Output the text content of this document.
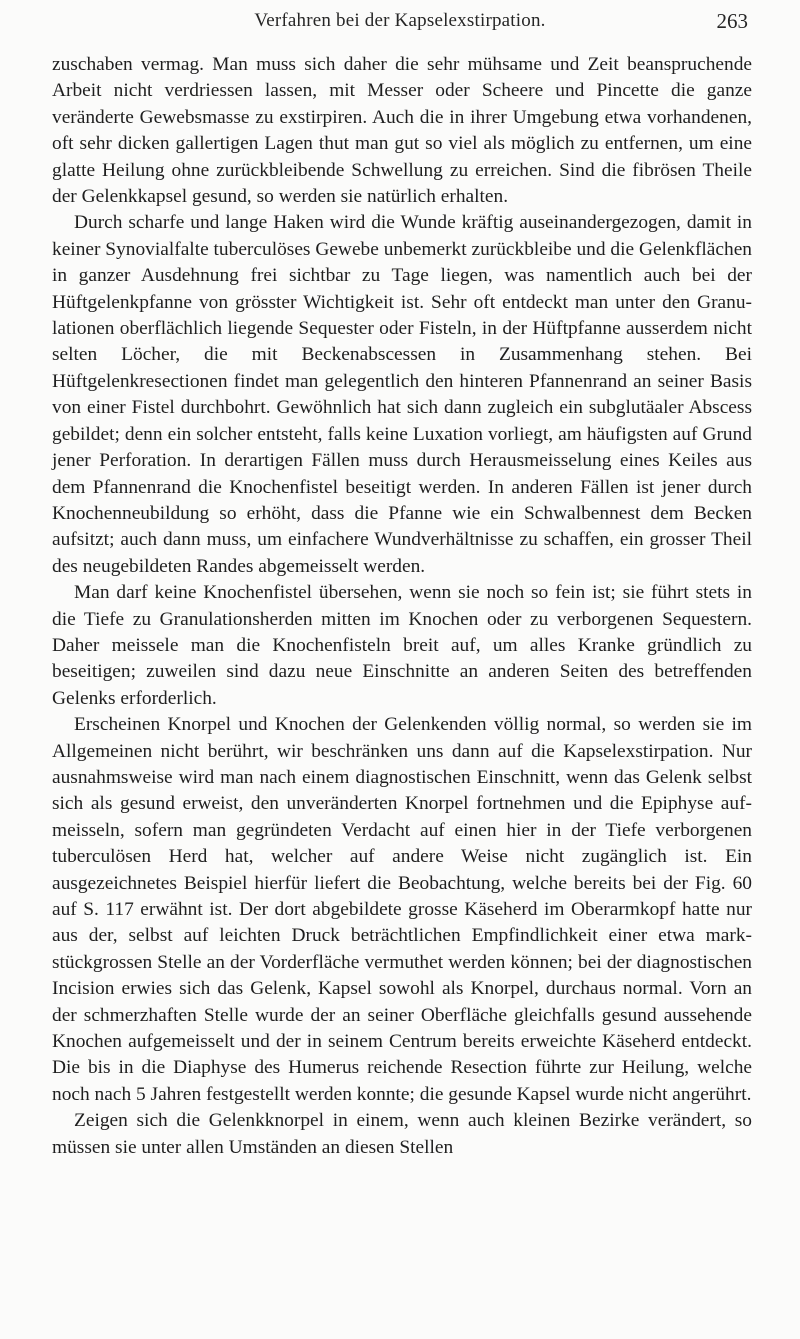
Verfahren bei der Kapselexstirpation.	263

zuschaben vermag. Man muss sich daher die sehr mühsame und Zeit beanspruchende Arbeit nicht verdriessen lassen, mit Messer oder Scheere und Pincette die ganze veränderte Gewebsmasse zu exstirpiren. Auch die in ihrer Umgebung etwa vorhandenen, oft sehr dicken gallertigen Lagen thut man gut so viel als möglich zu entfernen, um eine glatte Heilung ohne zurückbleibende Schwellung zu erreichen. Sind die fibrösen Theile der Gelenkkapsel gesund, so werden sie natürlich erhalten.

Durch scharfe und lange Haken wird die Wunde kräftig auseinandergezogen, damit in keiner Synovialfalte tuberculöses Gewebe unbemerkt zurückbleibe und die Gelenkflächen in ganzer Ausdehnung frei sichtbar zu Tage liegen, was namentlich auch bei der Hüftgelenkpfanne von grösster Wichtigkeit ist. Sehr oft entdeckt man unter den Granulationen oberflächlich liegende Sequester oder Fisteln, in der Hüftpfanne ausserdem nicht selten Löcher, die mit Beckenabscessen in Zusammenhang stehen. Bei Hüftgelenkresectionen findet man gelegentlich den hinteren Pfannenrand an seiner Basis von einer Fistel durchbohrt. Gewöhnlich hat sich dann zugleich ein subglutäaler Abscess gebildet; denn ein solcher entsteht, falls keine Luxation vorliegt, am häufigsten auf Grund jener Perforation. In derartigen Fällen muss durch Herausmeisselung eines Keiles aus dem Pfannenrand die Knochenfistel beseitigt werden. In anderen Fällen ist jener durch Knochenneubildung so erhöht, dass die Pfanne wie ein Schwalbennest dem Becken aufsitzt; auch dann muss, um einfachere Wundverhältnisse zu schaffen, ein grosser Theil des neugebildeten Randes abgemeisselt werden.

Man darf keine Knochenfistel übersehen, wenn sie noch so fein ist; sie führt stets in die Tiefe zu Granulationsherden mitten im Knochen oder zu verborgenen Sequestern. Daher meissele man die Knochenfisteln breit auf, um alles Kranke gründlich zu beseitigen; zuweilen sind dazu neue Einschnitte an anderen Seiten des betreffenden Gelenks erforderlich.

Erscheinen Knorpel und Knochen der Gelenkenden völlig normal, so werden sie im Allgemeinen nicht berührt, wir beschränken uns dann auf die Kapselexstirpation. Nur ausnahmsweise wird man nach einem diagnostischen Einschnitt, wenn das Gelenk selbst sich als gesund erweist, den unveränderten Knorpel fortnehmen und die Epiphyse aufmeisseln, sofern man gegründeten Verdacht auf einen hier in der Tiefe verborgenen tuberculösen Herd hat, welcher auf andere Weise nicht zugänglich ist. Ein ausgezeichnetes Beispiel hierfür liefert die Beobachtung, welche bereits bei der Fig. 60 auf S. 117 erwähnt ist. Der dort abgebildete grosse Käseherd im Oberarmkopf hatte nur aus der, selbst auf leichten Druck beträchtlichen Empfindlichkeit einer etwa markstückgrossen Stelle an der Vorderfläche vermuthet werden können; bei der diagnostischen Incision erwies sich das Gelenk, Kapsel sowohl als Knorpel, durchaus normal. Vorn an der schmerzhaften Stelle wurde der an seiner Oberfläche gleichfalls gesund aussehende Knochen aufgemeisselt und der in seinem Centrum bereits erweichte Käseherd entdeckt. Die bis in die Diaphyse des Humerus reichende Resection führte zur Heilung, welche noch nach 5 Jahren festgestellt werden konnte; die gesunde Kapsel wurde nicht angerührt.

Zeigen sich die Gelenkknorpel in einem, wenn auch kleinen Bezirke verändert, so müssen sie unter allen Umständen an diesen Stellen
